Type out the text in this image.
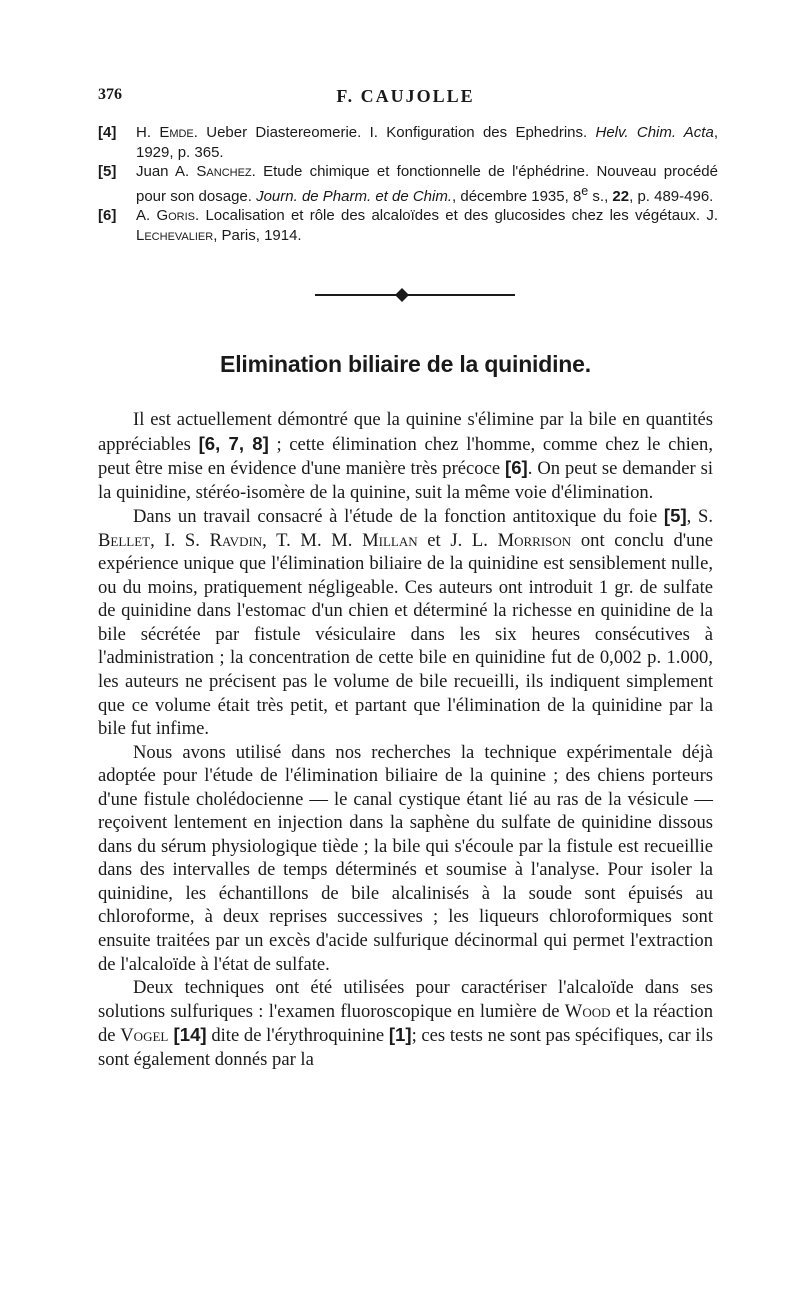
376	F. CAUJOLLE
[4] H. Emde. Ueber Diastereomerie. I. Konfiguration des Ephedrins. Helv. Chim. Acta, 1929, p. 365.
[5] Juan A. Sanchez. Etude chimique et fonctionnelle de l'éphédrine. Nouveau procédé pour son dosage. Journ. de Pharm. et de Chim., décembre 1935, 8e s., 22, p. 489-496.
[6] A. Goris. Localisation et rôle des alcaloïdes et des glucosides chez les végétaux. J. Lechevalier, Paris, 1914.
Elimination biliaire de la quinidine.

Il est actuellement démontré que la quinine s'élimine par la bile en quantités appréciables [6, 7, 8] ; cette élimination chez l'homme, comme chez le chien, peut être mise en évidence d'une manière très précoce [6]. On peut se demander si la quinidine, stéréo-isomère de la quinine, suit la même voie d'élimination.

Dans un travail consacré à l'étude de la fonction antitoxique du foie [5], S. Bellet, I. S. Ravdin, T. M. M. Millan et J. L. Morrison ont conclu d'une expérience unique que l'élimination biliaire de la quinidine est sensiblement nulle, ou du moins, pratiquement négligeable. Ces auteurs ont introduit 1 gr. de sulfate de quinidine dans l'estomac d'un chien et déterminé la richesse en quinidine de la bile sécrétée par fistule vésiculaire dans les six heures consécutives à l'administration ; la concentration de cette bile en quinidine fut de 0,002 p. 1.000, les auteurs ne précisent pas le volume de bile recueilli, ils indiquent simplement que ce volume était très petit, et partant que l'élimination de la quinidine par la bile fut infime.

Nous avons utilisé dans nos recherches la technique expérimentale déjà adoptée pour l'étude de l'élimination biliaire de la quinine ; des chiens porteurs d'une fistule cholédocienne — le canal cystique étant lié au ras de la vésicule — reçoivent lentement en injection dans la saphène du sulfate de quinidine dissous dans du sérum physiologique tiède ; la bile qui s'écoule par la fistule est recueillie dans des intervalles de temps déterminés et soumise à l'analyse. Pour isoler la quinidine, les échantillons de bile alcalinisés à la soude sont épuisés au chloroforme, à deux reprises successives ; les liqueurs chloroformiques sont ensuite traitées par un excès d'acide sulfurique décinormal qui permet l'extraction de l'alcaloïde à l'état de sulfate.

Deux techniques ont été utilisées pour caractériser l'alcaloïde dans ses solutions sulfuriques : l'examen fluoroscopique en lumière de Wood et la réaction de Vogel [14] dite de l'érythroquinine [1]; ces tests ne sont pas spécifiques, car ils sont également donnés par la
